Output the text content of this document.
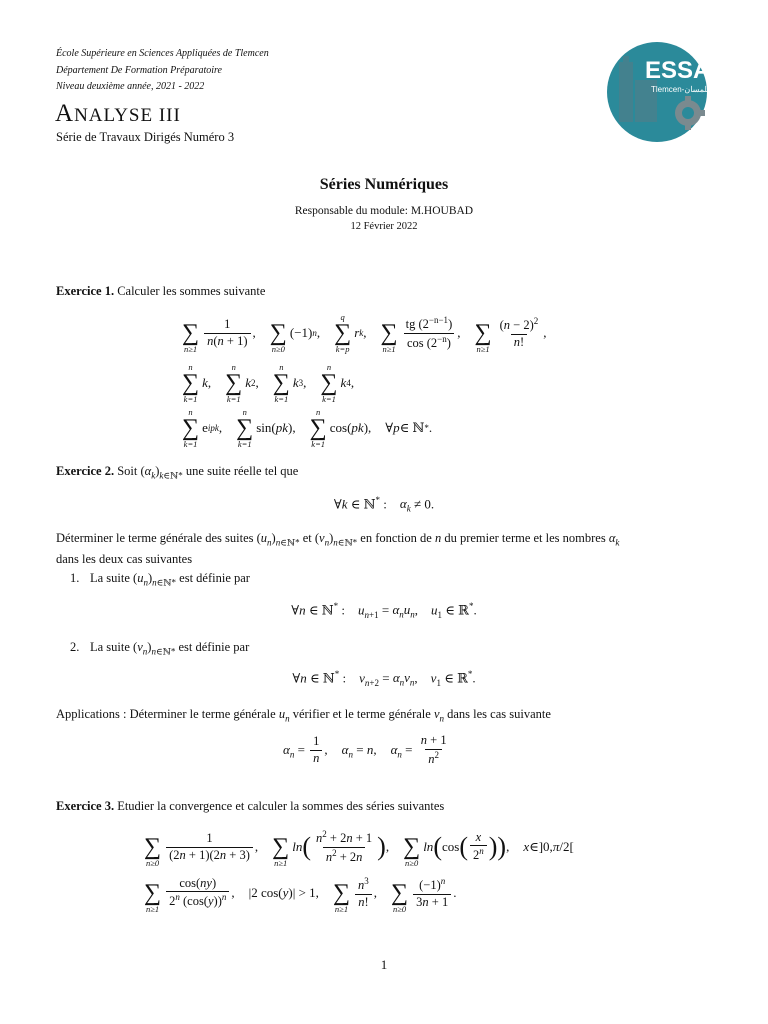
École Supérieure en Sciences Appliquées de Tlemcen
Département De Formation Préparatoire
Niveau deuxième année, 2021 - 2022
ANALYSE III
Série de Travaux Dirigés Numéro 3
ESSA
Tlemcen-تلمسان
Séries Numériques
Responsable du module: M.HOUBAD
12 Février 2022
Exercice 1. Calculer les sommes suivante
∑
n≥1
$\frac{1}{n(n + 1)}$ , ∑
n≥0
(−1) n ,
q
∑
k=p
r k , ∑
$n\ge 1 \frac{tg (2^{-n-1})}{\cos (2^{-n})}$ , ∑
$n\ge 1 \frac{(n - 2)^2}{n!}$ ,
n
∑
k=1
k ,
n
∑
k=1
k 2 ,
n
∑
k=1
k 3 ,
n
∑
k=1
k 4 ,
n
∑
k=1
e ipk ,
n
∑
k=1
sin( pk ),
n
∑
k=1
cos( pk ),
∀ p ∈ ℕ * .
Exercice 2. Soit $(\alpha_k)_{k\in ℕ*}$ une suite réelle tel que
∀k ∈ ℕ* :    $\alpha_k \ne 0$.
Déterminer le terme générale des suites $(u_n)_{n\in ℕ*}$ et $(v_n)_{n\in ℕ*}$ en fonction de n du premier terme et les nombres $\alpha_k$
dans les deux cas suivantes
1. La suite $(u_n)_{n\in ℕ*}$ est définie par
∀n ∈ ℕ* :    $u_{n+1} = \alpha_nu_n$,    $u_1$ ∈ ℝ*.
2. La suite $(v_n)_{n\in ℕ*}$ est définie par
∀n ∈ ℕ* :    $v_{n+2} = \alpha_nv_n$,    $v_1$ ∈ ℝ*.
Applications : Déterminer le terme générale $u_n$ vérifier et le terme générale $v_n$ dans les cas suivante
$\alpha_n = \frac{1}{n}$ , $\alpha_n = n$ , $\alpha_n = \frac{n + 1}{n^2}$
Exercice 3. Etudier la convergence et calculer la sommes des séries suivantes
∑
n≥0
$\frac{1}{(2n + 1)(2n + 3)}$ , ∑
n≥1
ln ( $\frac{n^2 + 2n + 1}{n^2 + 2n}$ ) , ∑
n≥0
ln ( cos ( $\frac{x}{2^n}$ )) , x ∈]0, π /2[
∑
$n\ge 1 \frac{\cos(ny)}{2^n (\cos(y))^n}$ ,
|2 cos( y )| > 1, ∑
$n\ge 1 \frac{n^3}{n!}$ , ∑
$n\ge 0 \frac{(-1)^n}{3n + 1}$ .
1
